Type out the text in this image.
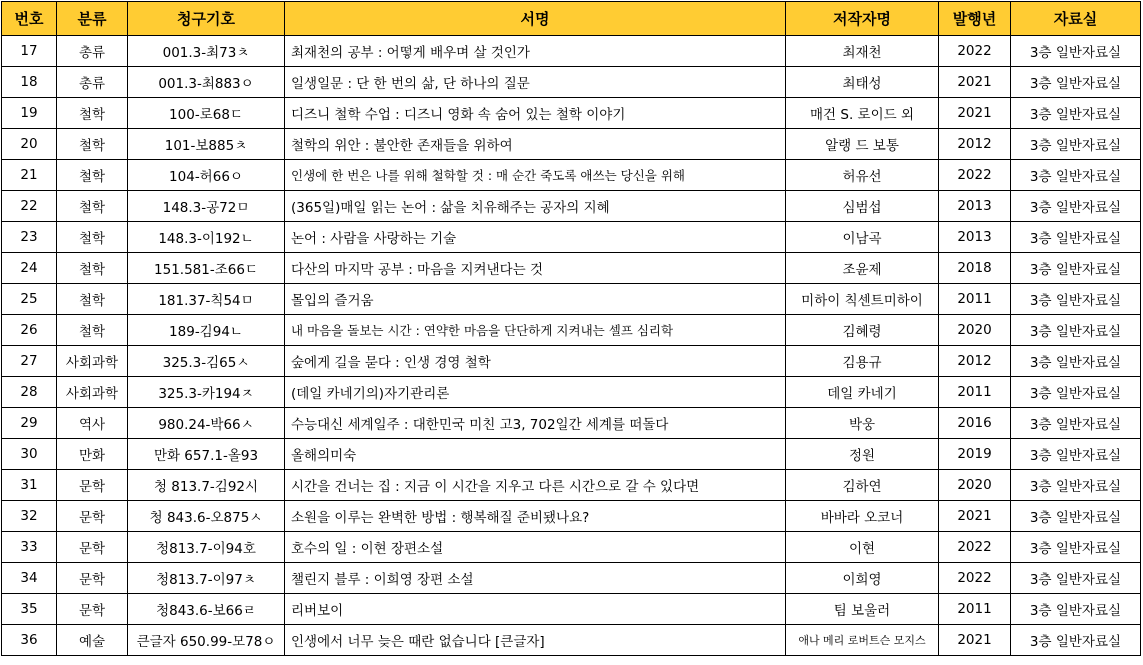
번호	분류	청구기호	서명	저작자명	발행년	자료실
17	총류	001.3-최73ㅊ	최재천의 공부 : 어떻게 배우며 살 것인가	최재천	2022	3층 일반자료실
18	총류	001.3-최883ㅇ	일생일문 : 단 한 번의 삶, 단 하나의 질문	최태성	2021	3층 일반자료실
19	철학	100-로68ㄷ	디즈니 철학 수업 : 디즈니 영화 속 숨어 있는 철학 이야기	매건 S. 로이드 외	2021	3층 일반자료실
20	철학	101-보885ㅊ	철학의 위안 : 불안한 존재들을 위하여	알랭 드 보통	2012	3층 일반자료실
21	철학	104-허66ㅇ	인생에 한 번은 나를 위해 철학할 것 : 매 순간 죽도록 애쓰는 당신을 위해	허유선	2022	3층 일반자료실
22	철학	148.3-공72ㅁ	(365일)매일 읽는 논어 : 삶을 치유해주는 공자의 지혜	심범섭	2013	3층 일반자료실
23	철학	148.3-이192ㄴ	논어 : 사람을 사랑하는 기술	이남곡	2013	3층 일반자료실
24	철학	151.581-조66ㄷ	다산의 마지막 공부 : 마음을 지켜낸다는 것	조윤제	2018	3층 일반자료실
25	철학	181.37-칙54ㅁ	몰입의 즐거움	미하이 칙센트미하이	2011	3층 일반자료실
26	철학	189-김94ㄴ	내 마음을 돌보는 시간 : 연약한 마음을 단단하게 지켜내는 셀프 심리학	김혜령	2020	3층 일반자료실
27	사회과학	325.3-김65ㅅ	숲에게 길을 묻다 : 인생 경영 철학	김용규	2012	3층 일반자료실
28	사회과학	325.3-카194ㅈ	(데일 카네기의)자기관리론	데일 카네기	2011	3층 일반자료실
29	역사	980.24-박66ㅅ	수능대신 세계일주 : 대한민국 미친 고3, 702일간 세계를 떠돌다	박웅	2016	3층 일반자료실
30	만화	만화 657.1-올93	올해의미숙	정원	2019	3층 일반자료실
31	문학	청 813.7-김92시	시간을 건너는 집 : 지금 이 시간을 지우고 다른 시간으로 갈 수 있다면	김하연	2020	3층 일반자료실
32	문학	청 843.6-오875ㅅ	소원을 이루는 완벽한 방법 : 행복해질 준비됐나요?	바바라 오코너	2021	3층 일반자료실
33	문학	청813.7-이94호	호수의 일 : 이현 장편소설	이현	2022	3층 일반자료실
34	문학	청813.7-이97ㅊ	챌린지 블루 : 이희영 장편 소설	이희영	2022	3층 일반자료실
35	문학	청843.6-보66ㄹ	리버보이	팀 보울러	2011	3층 일반자료실
36	예술	큰글자 650.99-모78ㅇ	인생에서 너무 늦은 때란 없습니다 [큰글자]	애나 메리 로버트슨 모지스	2021	3층 일반자료실
